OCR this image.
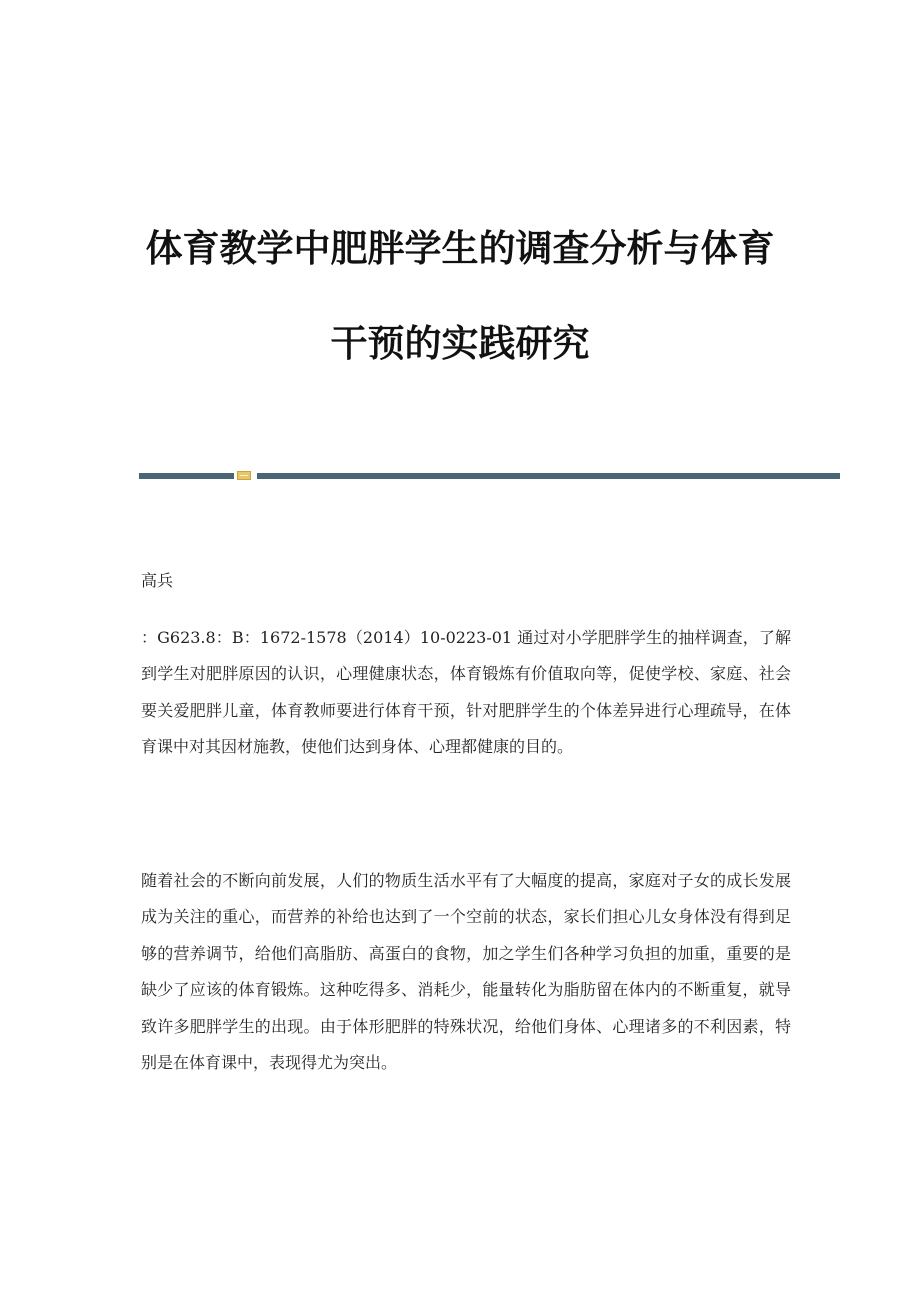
体育教学中肥胖学生的调查分析与体育
干预的实践研究

高兵

：G623.8：B：1672-1578（2014）10-0223-01 通过对小学肥胖学生的抽样调查，了解到学生对肥胖原因的认识，心理健康状态，体育锻炼有价值取向等，促使学校、家庭、社会要关爱肥胖儿童，体育教师要进行体育干预，针对肥胖学生的个体差异进行心理疏导，在体育课中对其因材施教，使他们达到身体、心理都健康的目的。

随着社会的不断向前发展，人们的物质生活水平有了大幅度的提高，家庭对子女的成长发展成为关注的重心，而营养的补给也达到了一个空前的状态，家长们担心儿女身体没有得到足够的营养调节，给他们高脂肪、高蛋白的食物，加之学生们各种学习负担的加重，重要的是缺少了应该的体育锻炼。这种吃得多、消耗少，能量转化为脂肪留在体内的不断重复，就导致许多肥胖学生的出现。由于体形肥胖的特殊状况，给他们身体、心理诸多的不利因素，特别是在体育课中，表现得尤为突出。
